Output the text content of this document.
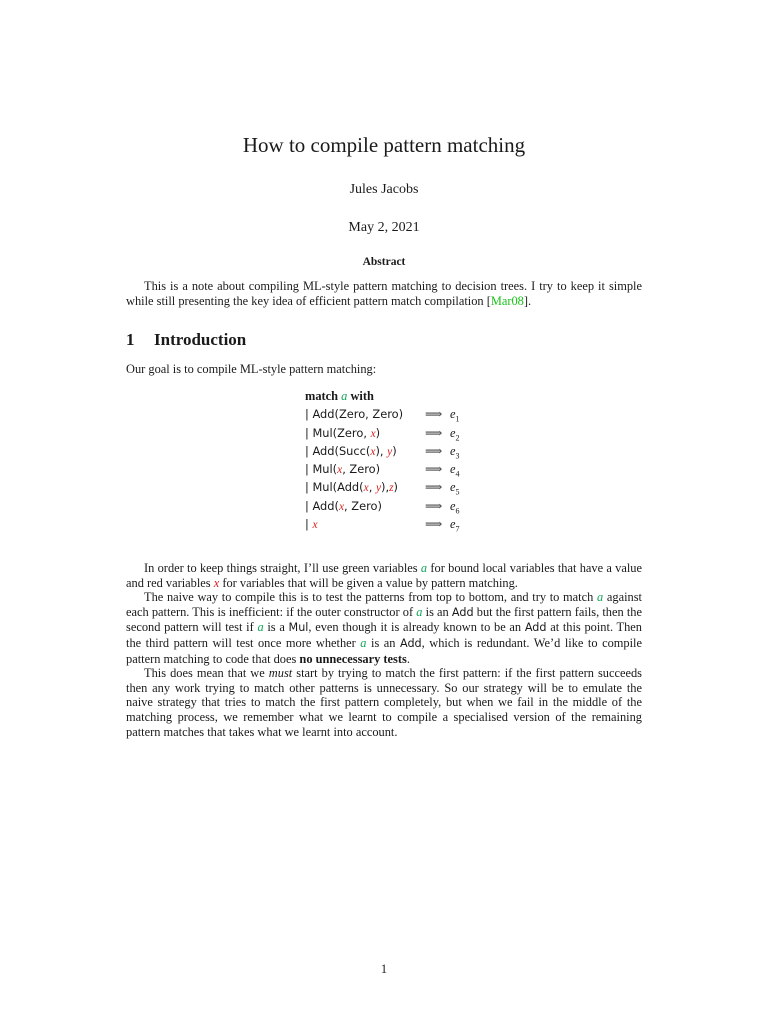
How to compile pattern matching
Jules Jacobs
May 2, 2021
Abstract
This is a note about compiling ML-style pattern matching to decision trees. I try to keep it simple while still presenting the key idea of efficient pattern match compilation [Mar08].
1 Introduction
Our goal is to compile ML-style pattern matching:
match a with
| Add(Zero, Zero) ⟹ $e_1$
| Mul(Zero, x)	⟹ $e_2$
| Add(Succ(x), y) ⟹ $e_3$
| Mul(x, Zero)	⟹ $e_4$
| Mul(Add(x, y),z) ⟹ $e_5$
| Add(x, Zero)	⟹ $e_6$
| x	⟹ $e_7$

In order to keep things straight, I’ll use green variables a for bound local variables that have a value and red variables x for variables that will be given a value by pattern matching.

The naive way to compile this is to test the patterns from top to bottom, and try to match a against each pattern. This is inefficient: if the outer constructor of a is an Add but the first pattern fails, then the second pattern will test if a is a Mul, even though it is already known to be an Add at this point. Then the third pattern will test once more whether a is an Add, which is redundant. We’d like to compile pattern matching to code that does no unnecessary tests.

This does mean that we must start by trying to match the first pattern: if the first pattern succeeds then any work trying to match other patterns is unnecessary. So our strategy will be to emulate the naive strategy that tries to match the first pattern completely, but when we fail in the middle of the matching process, we remember what we learnt to compile a specialised version of the remaining pattern matches that takes what we learnt into account.

1
